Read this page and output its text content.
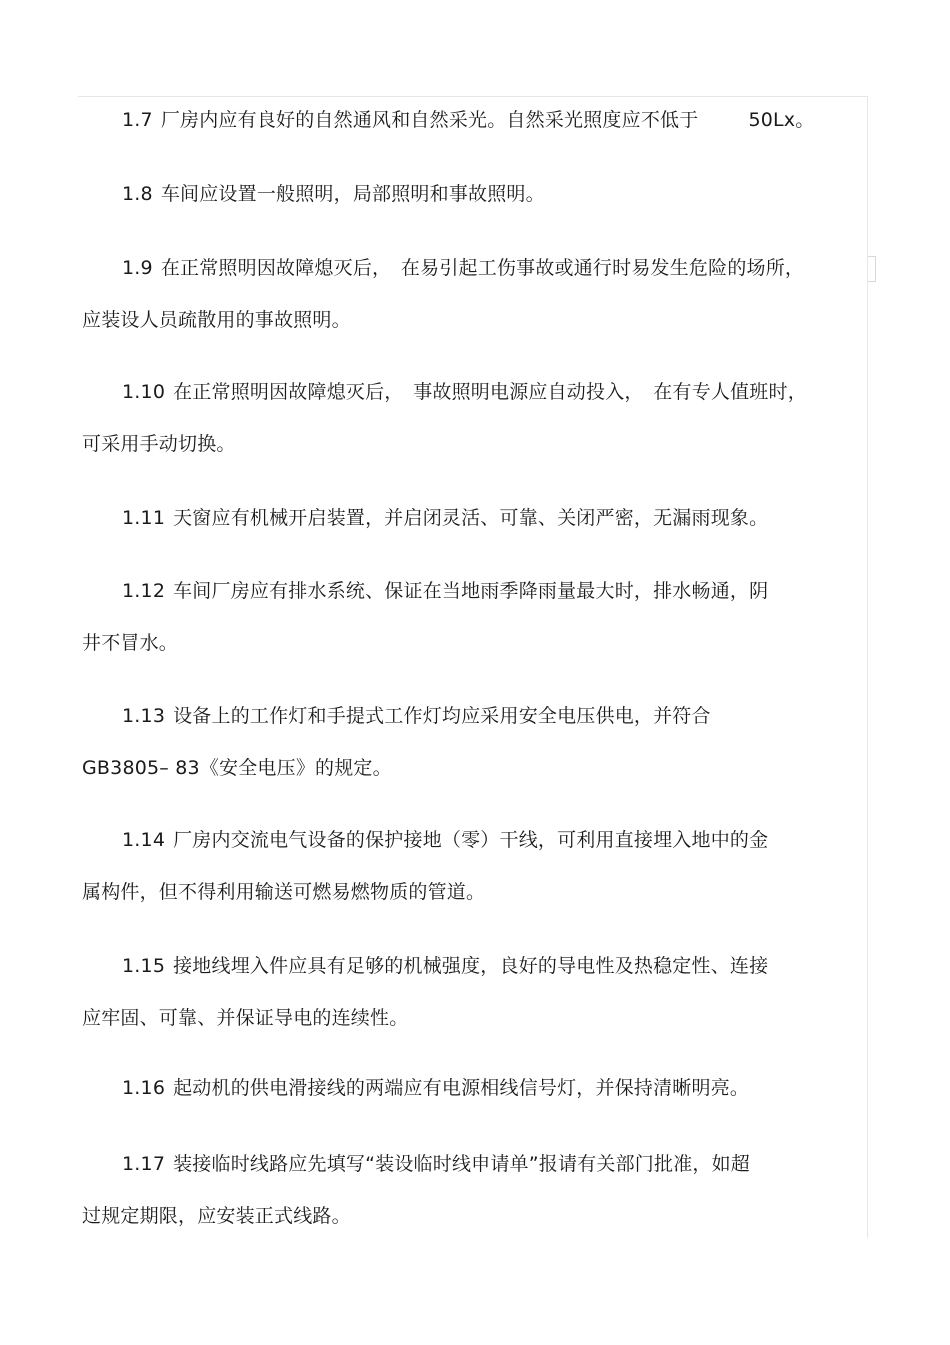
1.7 厂房内应有良好的自然通风和自然采光。自然采光照度应不低于	50Lx。
1.8 车间应设置一般照明，局部照明和事故照明。
1.9 在正常照明因故障熄灭后，　在易引起工伤事故或通行时易发生危险的场所，
应装设人员疏散用的事故照明。
1.10 在正常照明因故障熄灭后，　事故照明电源应自动投入，　在有专人值班时，
可采用手动切换。
1.11 天窗应有机械开启装置，并启闭灵活、可靠、关闭严密，无漏雨现象。
1.12 车间厂房应有排水系统、保证在当地雨季降雨量最大时，排水畅通，阴
井不冒水。
1.13 设备上的工作灯和手提式工作灯均应采用安全电压供电，并符合
GB3805– 83《安全电压》的规定。
1.14 厂房内交流电气设备的保护接地（零）干线，可利用直接埋入地中的金
属构件，但不得利用输送可燃易燃物质的管道。
1.15 接地线埋入件应具有足够的机械强度，良好的导电性及热稳定性、连接
应牢固、可靠、并保证导电的连续性。
1.16 起动机的供电滑接线的两端应有电源相线信号灯，并保持清晰明亮。
1.17 装接临时线路应先填写“装设临时线申请单”报请有关部门批准，如超
过规定期限，应安装正式线路。
